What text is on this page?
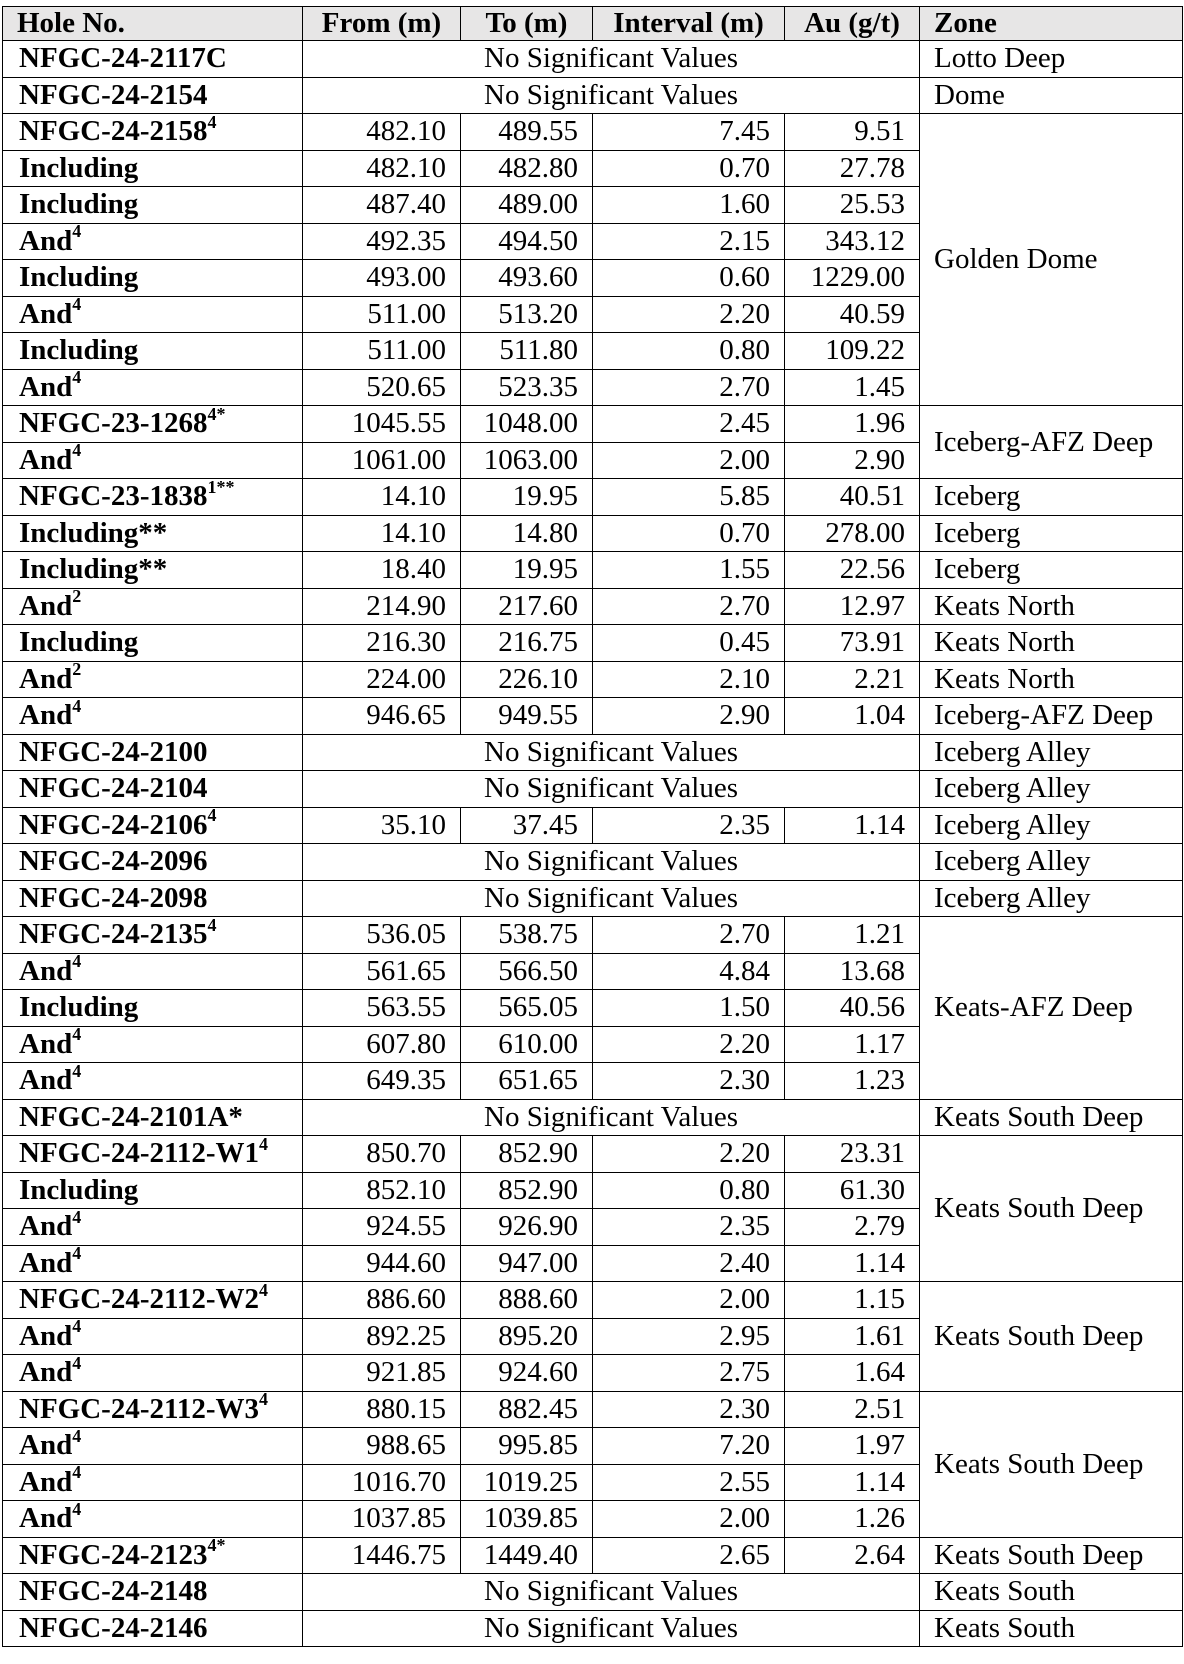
Hole No.	From (m)	To (m)	Interval (m)	Au (g/t)	Zone
NFGC-24-2117C	No Significant Values				Lotto Deep
NFGC-24-2154	No Significant Values				Dome
NFGC-24-2158$^4$	482.10	489.55	7.45	9.51	Golden Dome
Including	482.10	482.80	0.70	27.78	
Including	487.40	489.00	1.60	25.53	
And$^4$	492.35	494.50	2.15	343.12	
Including	493.00	493.60	0.60	1229.00	
And$^4$	511.00	513.20	2.20	40.59	
Including	511.00	511.80	0.80	109.22	
And$^4$	520.65	523.35	2.70	1.45	
NFGC-$23-1268^{4*}$	1045.55	1048.00	2.45	1.96	Iceberg-AFZ Deep
And$^4$	1061.00	1063.00	2.00	2.90	
NFGC-$23-1838^{1**}$	14.10	19.95	5.85	40.51	Iceberg
Including**	14.10	14.80	0.70	278.00	Iceberg
Including**	18.40	19.95	1.55	22.56	Iceberg
And$^2$	214.90	217.60	2.70	12.97	Keats North
Including	216.30	216.75	0.45	73.91	Keats North
And$^2$	224.00	226.10	2.10	2.21	Keats North
And$^4$	946.65	949.55	2.90	1.04	Iceberg-AFZ Deep
NFGC-24-2100	No Significant Values				Iceberg Alley
NFGC-24-2104	No Significant Values				Iceberg Alley
NFGC-24-2106$^4$	35.10	37.45	2.35	1.14	Iceberg Alley
NFGC-24-2096	No Significant Values				Iceberg Alley
NFGC-24-2098	No Significant Values				Iceberg Alley
NFGC-24-2135$^4$	536.05	538.75	2.70	1.21	Keats-AFZ Deep
And$^4$	561.65	566.50	4.84	13.68	
Including	563.55	565.05	1.50	40.56	
And$^4$	607.80	610.00	2.20	1.17	
And$^4$	649.35	651.65	2.30	1.23	
NFGC-24-2101A*	No Significant Values				Keats South Deep
NFGC-$24-2112-W1^4$	850.70	852.90	2.20	23.31	Keats South Deep
Including	852.10	852.90	0.80	61.30	
And$^4$	924.55	926.90	2.35	2.79	
And$^4$	944.60	947.00	2.40	1.14	
NFGC-$24-2112-W2^4$	886.60	888.60	2.00	1.15	Keats South Deep
And$^4$	892.25	895.20	2.95	1.61	
And$^4$	921.85	924.60	2.75	1.64	
NFGC-$24-2112-W3^4$	880.15	882.45	2.30	2.51	Keats South Deep
And$^4$	988.65	995.85	7.20	1.97	
And$^4$	1016.70	1019.25	2.55	1.14	
And$^4$	1037.85	1039.85	2.00	1.26	
NFGC-$24-2123^{4*}$	1446.75	1449.40	2.65	2.64	Keats South Deep
NFGC-24-2148	No Significant Values				Keats South
NFGC-24-2146	No Significant Values				Keats South
